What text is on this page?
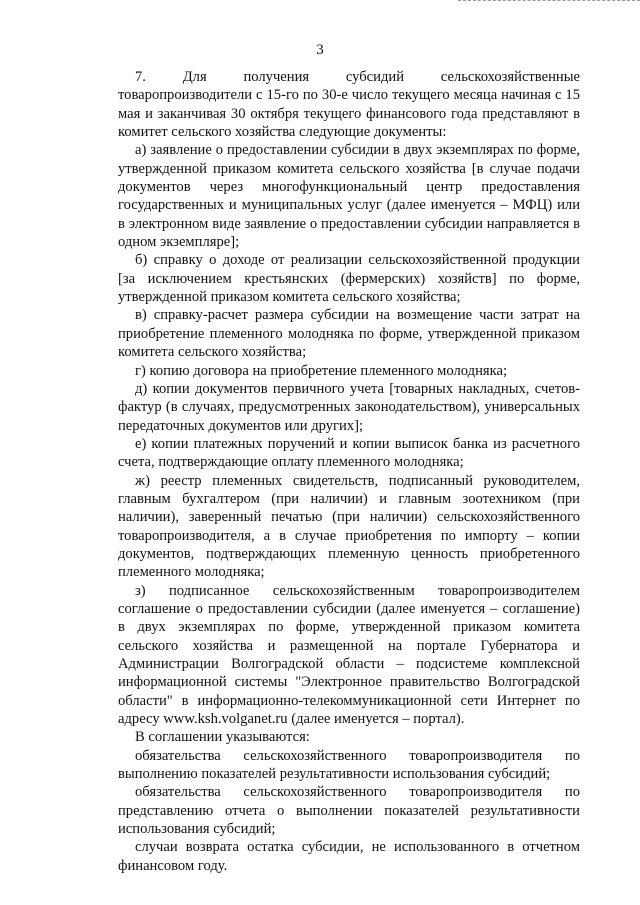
3

7. Для получения субсидий сельскохозяйственные товаропроизводители с 15-го по 30-е число текущего месяца начиная с 15 мая и заканчивая 30 октября текущего финансового года представляют в комитет сельского хозяйства следующие документы:

а) заявление о предоставлении субсидии в двух экземплярах по форме, утвержденной приказом комитета сельского хозяйства [в случае подачи документов через многофункциональный центр предоставления государственных и муниципальных услуг (далее именуется – МФЦ) или в электронном виде заявление о предоставлении субсидии направляется в одном экземпляре];

б) справку о доходе от реализации сельскохозяйственной продукции [за исключением крестьянских (фермерских) хозяйств] по форме, утвержденной приказом комитета сельского хозяйства;

в) справку-расчет размера субсидии на возмещение части затрат на приобретение племенного молодняка по форме, утвержденной приказом комитета сельского хозяйства;

г) копию договора на приобретение племенного молодняка;

д) копии документов первичного учета [товарных накладных, счетов-фактур (в случаях, предусмотренных законодательством), универсальных передаточных документов или других];

е) копии платежных поручений и копии выписок банка из расчетного счета, подтверждающие оплату племенного молодняка;

ж) реестр племенных свидетельств, подписанный руководителем, главным бухгалтером (при наличии) и главным зоотехником (при наличии), заверенный печатью (при наличии) сельскохозяйственного товаропроизводителя, а в случае приобретения по импорту – копии документов, подтверждающих племенную ценность приобретенного племенного молодняка;

з) подписанное сельскохозяйственным товаропроизводителем соглашение о предоставлении субсидии (далее именуется – соглашение) в двух экземплярах по форме, утвержденной приказом комитета сельского хозяйства и размещенной на портале Губернатора и Администрации Волгоградской области – подсистеме комплексной информационной системы "Электронное правительство Волгоградской области" в информационно-телекоммуникационной сети Интернет по адресу www.ksh.volganet.ru (далее именуется – портал).

В соглашении указываются:

обязательства сельскохозяйственного товаропроизводителя по выполнению показателей результативности использования субсидий;

обязательства сельскохозяйственного товаропроизводителя по представлению отчета о выполнении показателей результативности использования субсидий;

случаи возврата остатка субсидии, не использованного в отчетном финансовом году.
